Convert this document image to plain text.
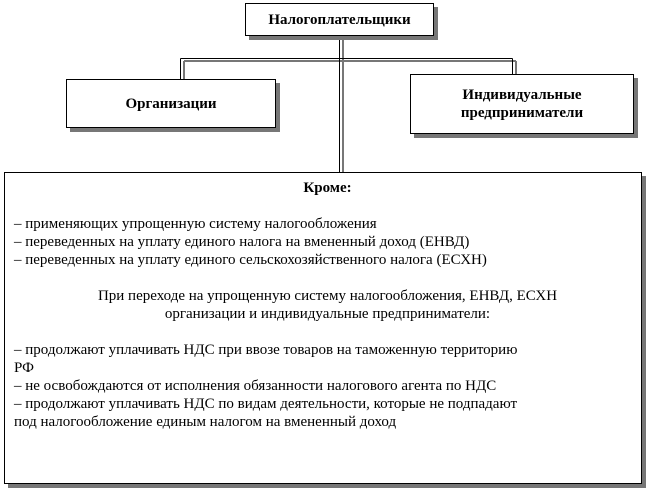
Налогоплательщики
Организации
Индивидуальные
предприниматели

Кроме:

– применяющих упрощенную систему налогообложения

– переведенных на уплату единого налога на вмененный доход (ЕНВД)

– переведенных на уплату единого сельскохозяйственного налога (ЕСХН)

При переходе на упрощенную систему налогообложения, ЕНВД, ЕСХН

организации и индивидуальные предприниматели:

– продолжают уплачивать НДС при ввозе товаров на таможенную территорию

РФ

– не освобождаются от исполнения обязанности налогового агента по НДС

– продолжают уплачивать НДС по видам деятельности, которые не подпадают

под налогообложение единым налогом на вмененный доход
